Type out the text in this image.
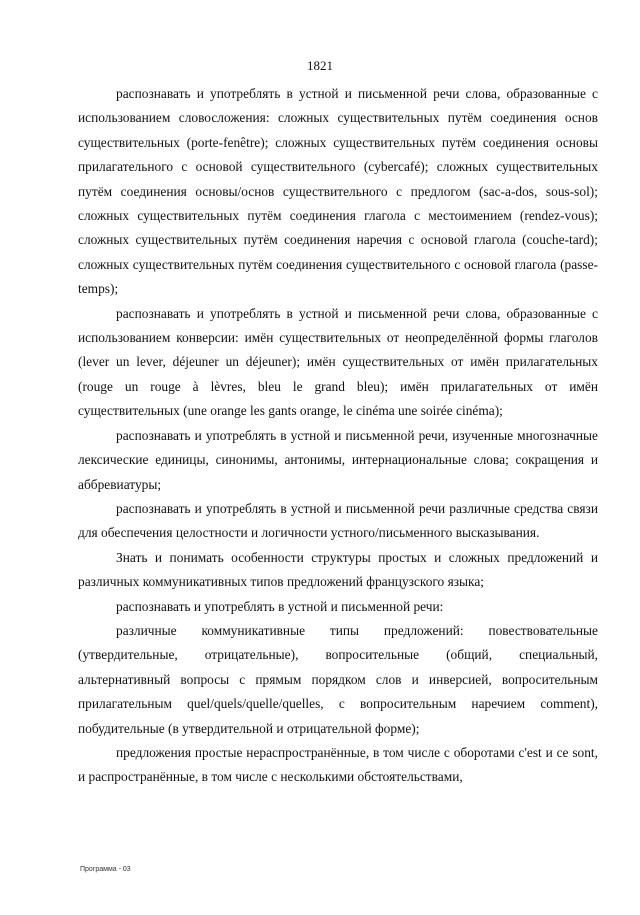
1821

распознавать и употреблять в устной и письменной речи слова, образованные с использованием словосложения: сложных существительных путём соединения основ существительных (porte-fenêtre); сложных существительных путём соединения основы прилагательного с основой существительного (cybercafé); сложных существительных путём соединения основы/основ существительного с предлогом (sac-a-dos, sous-sol); сложных существительных путём соединения глагола с местоимением (rendez-vous); сложных существительных путём соединения наречия с основой глагола (couche-tard); сложных существительных путём соединения существительного с основой глагола (passe-temps);

распознавать и употреблять в устной и письменной речи слова, образованные с использованием конверсии: имён существительных от неопределённой формы глаголов (lever un lever, déjeuner un déjeuner); имён существительных от имён прилагательных (rouge un rouge à lèvres, bleu le grand bleu); имён прилагательных от имён существительных (une orange les gants orange, le cinéma une soirée cinéma);

распознавать и употреблять в устной и письменной речи, изученные многозначные лексические единицы, синонимы, антонимы, интернациональные слова; сокращения и аббревиатуры;

распознавать и употреблять в устной и письменной речи различные средства связи для обеспечения целостности и логичности устного/письменного высказывания.

Знать и понимать особенности структуры простых и сложных предложений и различных коммуникативных типов предложений французского языка;

распознавать и употреблять в устной и письменной речи:

различные коммуникативные типы предложений: повествовательные (утвердительные, отрицательные), вопросительные (общий, специальный, альтернативный вопросы с прямым порядком слов и инверсией, вопросительным прилагательным quel/quels/quelle/quelles, с вопросительным наречием comment), побудительные (в утвердительной и отрицательной форме);

предложения простые нераспространённые, в том числе с оборотами c'est и ce sont, и распространённые, в том числе с несколькими обстоятельствами,

Программа - 03
